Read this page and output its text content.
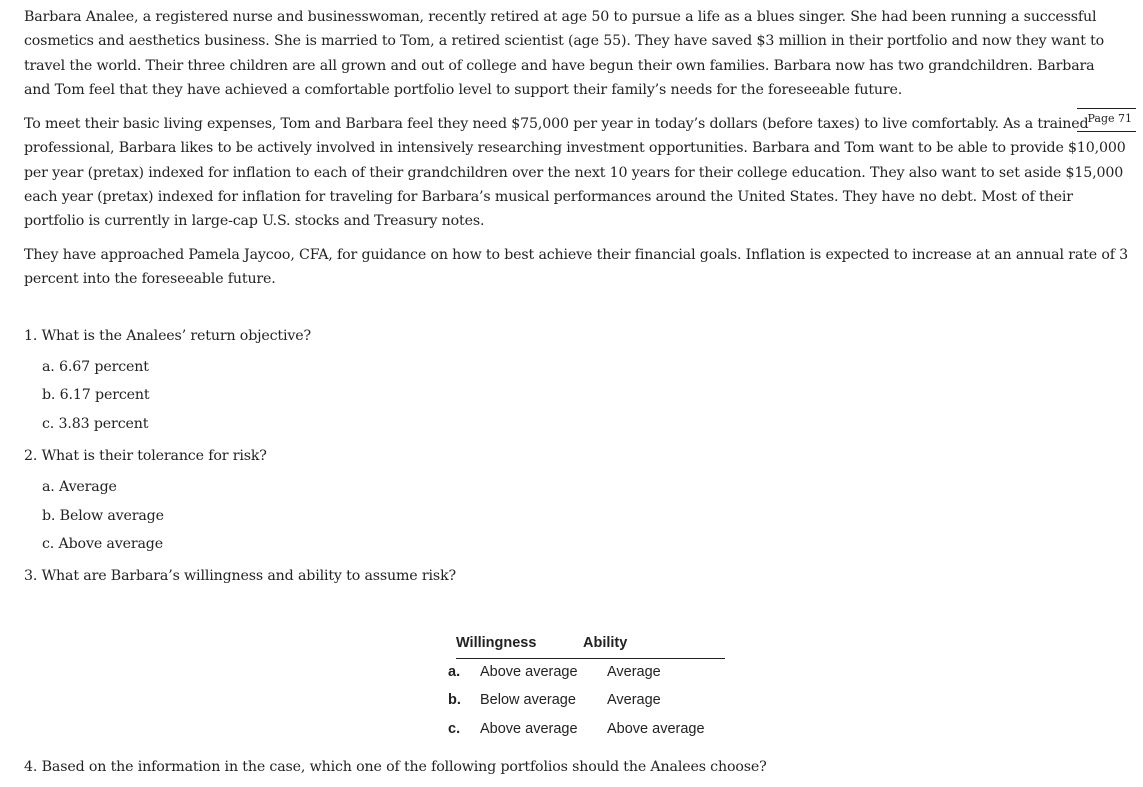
Barbara Analee, a registered nurse and businesswoman, recently retired at age 50 to pursue a life as a blues singer. She had been running a successful cosmetics and aesthetics business. She is married to Tom, a retired scientist (age 55). They have saved $3 million in their portfolio and now they want to travel the world. Their three children are all grown and out of college and have begun their own families. Barbara now has two grandchildren. Barbara and Tom feel that they have achieved a comfortable portfolio level to support their family’s needs for the foreseeable future.

Page 71

To meet their basic living expenses, Tom and Barbara feel they need $75,000 per year in today’s dollars (before taxes) to live comfortably. As a trained professional, Barbara likes to be actively involved in intensively researching investment opportunities. Barbara and Tom want to be able to provide $10,000 per year (pretax) indexed for inflation to each of their grandchildren over the next 10 years for their college education. They also want to set aside $15,000 each year (pretax) indexed for inflation for traveling for Barbara’s musical performances around the United States. They have no debt. Most of their portfolio is currently in large-cap U.S. stocks and Treasury notes.

They have approached Pamela Jaycoo, CFA, for guidance on how to best achieve their financial goals. Inflation is expected to increase at an annual rate of 3 percent into the foreseeable future.

1. What is the Analees’ return objective?
a. 6.67 percent
b. 6.17 percent
c. 3.83 percent
2. What is their tolerance for risk?
a. Average
b. Below average
c. Above average
3. What are Barbara’s willingness and ability to assume risk?
4. Based on the information in the case, which one of the following portfolios should the Analees choose?
Willingness	Ability
a. Above average Average
b. Below average Average
c. Above average Above average
